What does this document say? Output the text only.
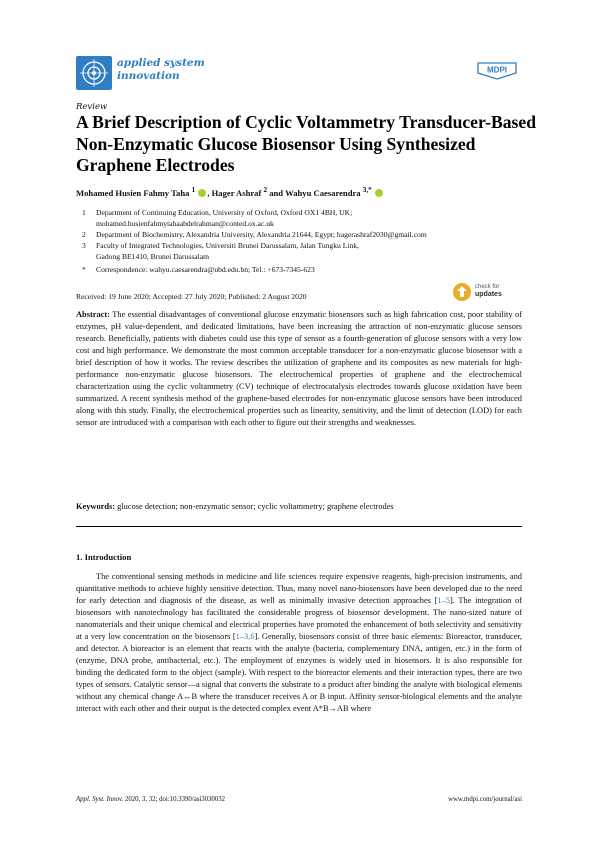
applied system
innovation	MDPI
Review
A Brief Description of Cyclic Voltammetry Transducer-Based Non-Enzymatic Glucose Biosensor Using Synthesized Graphene Electrodes
Mohamed Husien Fahmy Taha $^1$ , Hager Ashraf $^2$ and Wahyu Caesarendra $^{3,*}$
1	Department of Continuing Education, University of Oxford, Oxford OX1 4BH, UK;
mohamed.husienfahmytahaabdelrahman@conted.ox.ac.uk
2	Department of Biochemistry, Alexandria University, Alexandria 21644, Egypt; hagerashraf2030@gmail.com
3	Faculty of Integrated Technologies, Universiti Brunei Darussalam, Jalan Tungku Link,
Gadong BE1410, Brunei Darussalam
*	Correspondence: wahyu.caesarendra@ubd.edu.bn; Tel.: +673-7345-623
check for
updates
Received: 19 June 2020; Accepted: 27 July 2020; Published: 2 August 2020
Abstract: The essential disadvantages of conventional glucose enzymatic biosensors such as high fabrication cost, poor stability of enzymes, pH value-dependent, and dedicated limitations, have been increasing the attraction of non-enzymatic glucose sensors research. Beneficially, patients with diabetes could use this type of sensor as a fourth-generation of glucose sensors with a very low cost and high performance. We demonstrate the most common acceptable transducer for a non-enzymatic glucose biosensor with a brief description of how it works. The review describes the utilization of graphene and its composites as new materials for high-performance non-enzymatic glucose biosensors. The electrochemical properties of graphene and the electrochemical characterization using the cyclic voltammetry (CV) technique of electrocatalysis electrodes towards glucose oxidation have been summarized. A recent synthesis method of the graphene-based electrodes for non-enzymatic glucose sensors have been introduced along with this study. Finally, the electrochemical properties such as linearity, sensitivity, and the limit of detection (LOD) for each sensor are introduced with a comparison with each other to figure out their strengths and weaknesses.
Keywords: glucose detection; non-enzymatic sensor; cyclic voltammetry; graphene electrodes
1. Introduction
The conventional sensing methods in medicine and life sciences require expensive reagents, high-precision instruments, and quantitative methods to achieve highly sensitive detection. Thus, many novel nano-biosensors have been developed due to the need for early detection and diagnosis of the disease, as well as minimally invasive detection approaches [1–5]. The integration of biosensors with nanotechnology has facilitated the considerable progress of biosensor development. The nano-sized nature of nanomaterials and their unique chemical and electrical properties have promoted the enhancement of both selectivity and sensitivity at a very low concentration on the biosensors [1–3,6]. Generally, biosensors consist of three basic elements: Bioreactor, transducer, and detector. A bioreactor is an element that reacts with the analyte (bacteria, complementary DNA, antigen, etc.) in the form of (enzyme, DNA probe, antibacterial, etc.). The employment of enzymes is widely used in biosensors. It is also responsible for binding the dedicated form to the object (sample). With respect to the bioreactor elements and their interaction types, there are two types of sensors. Catalytic sensor—a signal that converts the substrate to a product after binding the analyte with biological elements without any chemical change A↔B where the transducer receives A or B input. Affinity sensor-biological elements and the analyte interact with each other and their output is the detected complex event A*B→AB where
Appl. Syst. Innov. 2020, 3, 32; doi:10.3390/asi3030032	www.mdpi.com/journal/asi
